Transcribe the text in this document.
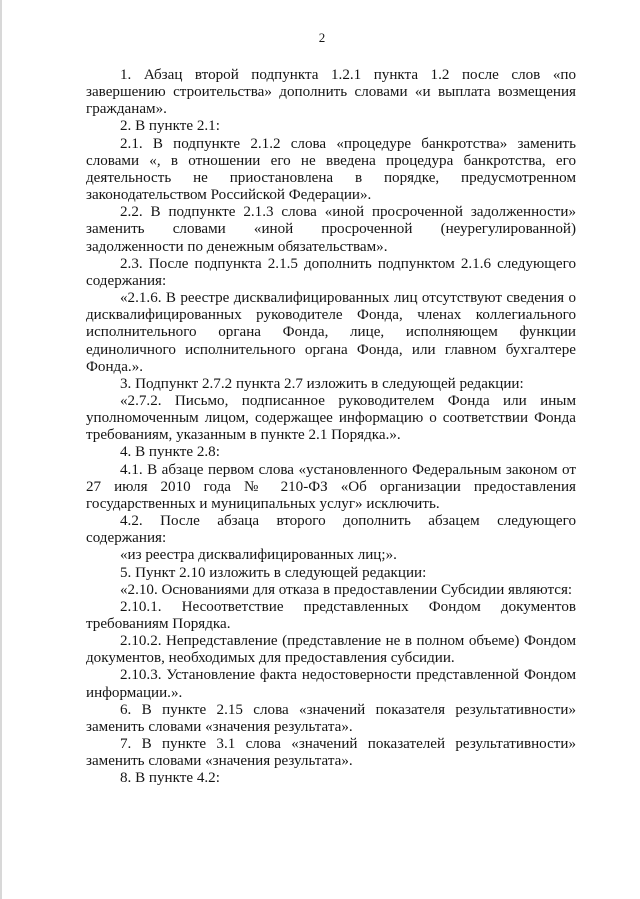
2

1. Абзац второй подпункта 1.2.1 пункта 1.2 после слов «по завершению строительства» дополнить словами «и выплата возмещения гражданам».

2. В пункте 2.1:

2.1. В подпункте 2.1.2 слова «процедуре банкротства» заменить словами «, в отношении его не введена процедура банкротства, его деятельность не приостановлена в порядке, предусмотренном законодательством Российской Федерации».

2.2. В подпункте 2.1.3 слова «иной просроченной задолженности» заменить словами «иной просроченной (неурегулированной) задолженности по денежным обязательствам».

2.3. После подпункта 2.1.5 дополнить подпунктом 2.1.6 следующего содержания:

«2.1.6. В реестре дисквалифицированных лиц отсутствуют сведения о дисквалифицированных руководителе Фонда, членах коллегиального исполнительного органа Фонда, лице, исполняющем функции единоличного исполнительного органа Фонда, или главном бухгалтере Фонда.».

3. Подпункт 2.7.2 пункта 2.7 изложить в следующей редакции:

«2.7.2. Письмо, подписанное руководителем Фонда или иным уполномоченным лицом, содержащее информацию о соответствии Фонда требованиям, указанным в пункте 2.1 Порядка.».

4. В пункте 2.8:

4.1. В абзаце первом слова «установленного Федеральным законом от 27 июля 2010 года № 210-ФЗ «Об организации предоставления государственных и муниципальных услуг» исключить.

4.2. После абзаца второго дополнить абзацем следующего содержания:

«из реестра дисквалифицированных лиц;».

5. Пункт 2.10 изложить в следующей редакции:

«2.10. Основаниями для отказа в предоставлении Субсидии являются:

2.10.1. Несоответствие представленных Фондом документов требованиям Порядка.

2.10.2. Непредставление (представление не в полном объеме) Фондом документов, необходимых для предоставления субсидии.

2.10.3. Установление факта недостоверности представленной Фондом информации.».

6. В пункте 2.15 слова «значений показателя результативности» заменить словами «значения результата».

7. В пункте 3.1 слова «значений показателей результативности» заменить словами «значения результата».

8. В пункте 4.2:
